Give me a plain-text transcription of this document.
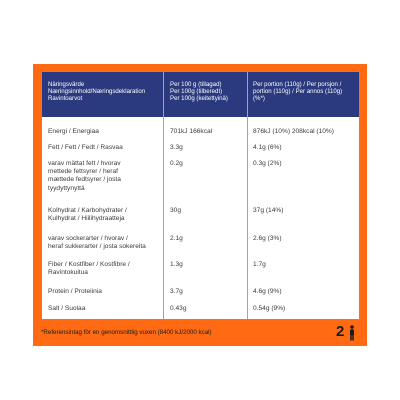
Näringsvärde
Næringsinnhold/Næringsdeklaration
Ravintoarvot
Per 100 g (tillagad)
Per 100g (tilberedt)
Per 100g (keitettyinä)
Per portion (110g) / Per porsjon /
portion (110g) / Per annos (110g) (%*)
Energi / Energiaa	701kJ 166kcal	876kJ (10%) 208kcal (10%)
Fett / Fett / Fedt / Rasvaa	3.3g	4.1g (6%)
varav mättat fett / hvorav
mettede fettsyrer / heraf
mættede fedtsyrer / josta
tyydyttynyttä
0.2g	0.3g (2%)
Kolhydrat / Karbohydrater /
Kulhydrat / Hiilihydraatteja
30g	37g (14%)
varav sockerarter / hvorav /
heraf sukkerarter / josta sokereita
2.1g	2.6g (3%)
Fiber / Kostfiber / Kostfibre /
Ravintokuitua
1.3g	1.7g
Protein / Proteiinia	3.7g	4.6g (9%)
Salt / Suolaa	0.43g	0.54g (9%)
*Referensintag för en genomsnittlig vuxen (8400 kJ/2000 kcal)	2
